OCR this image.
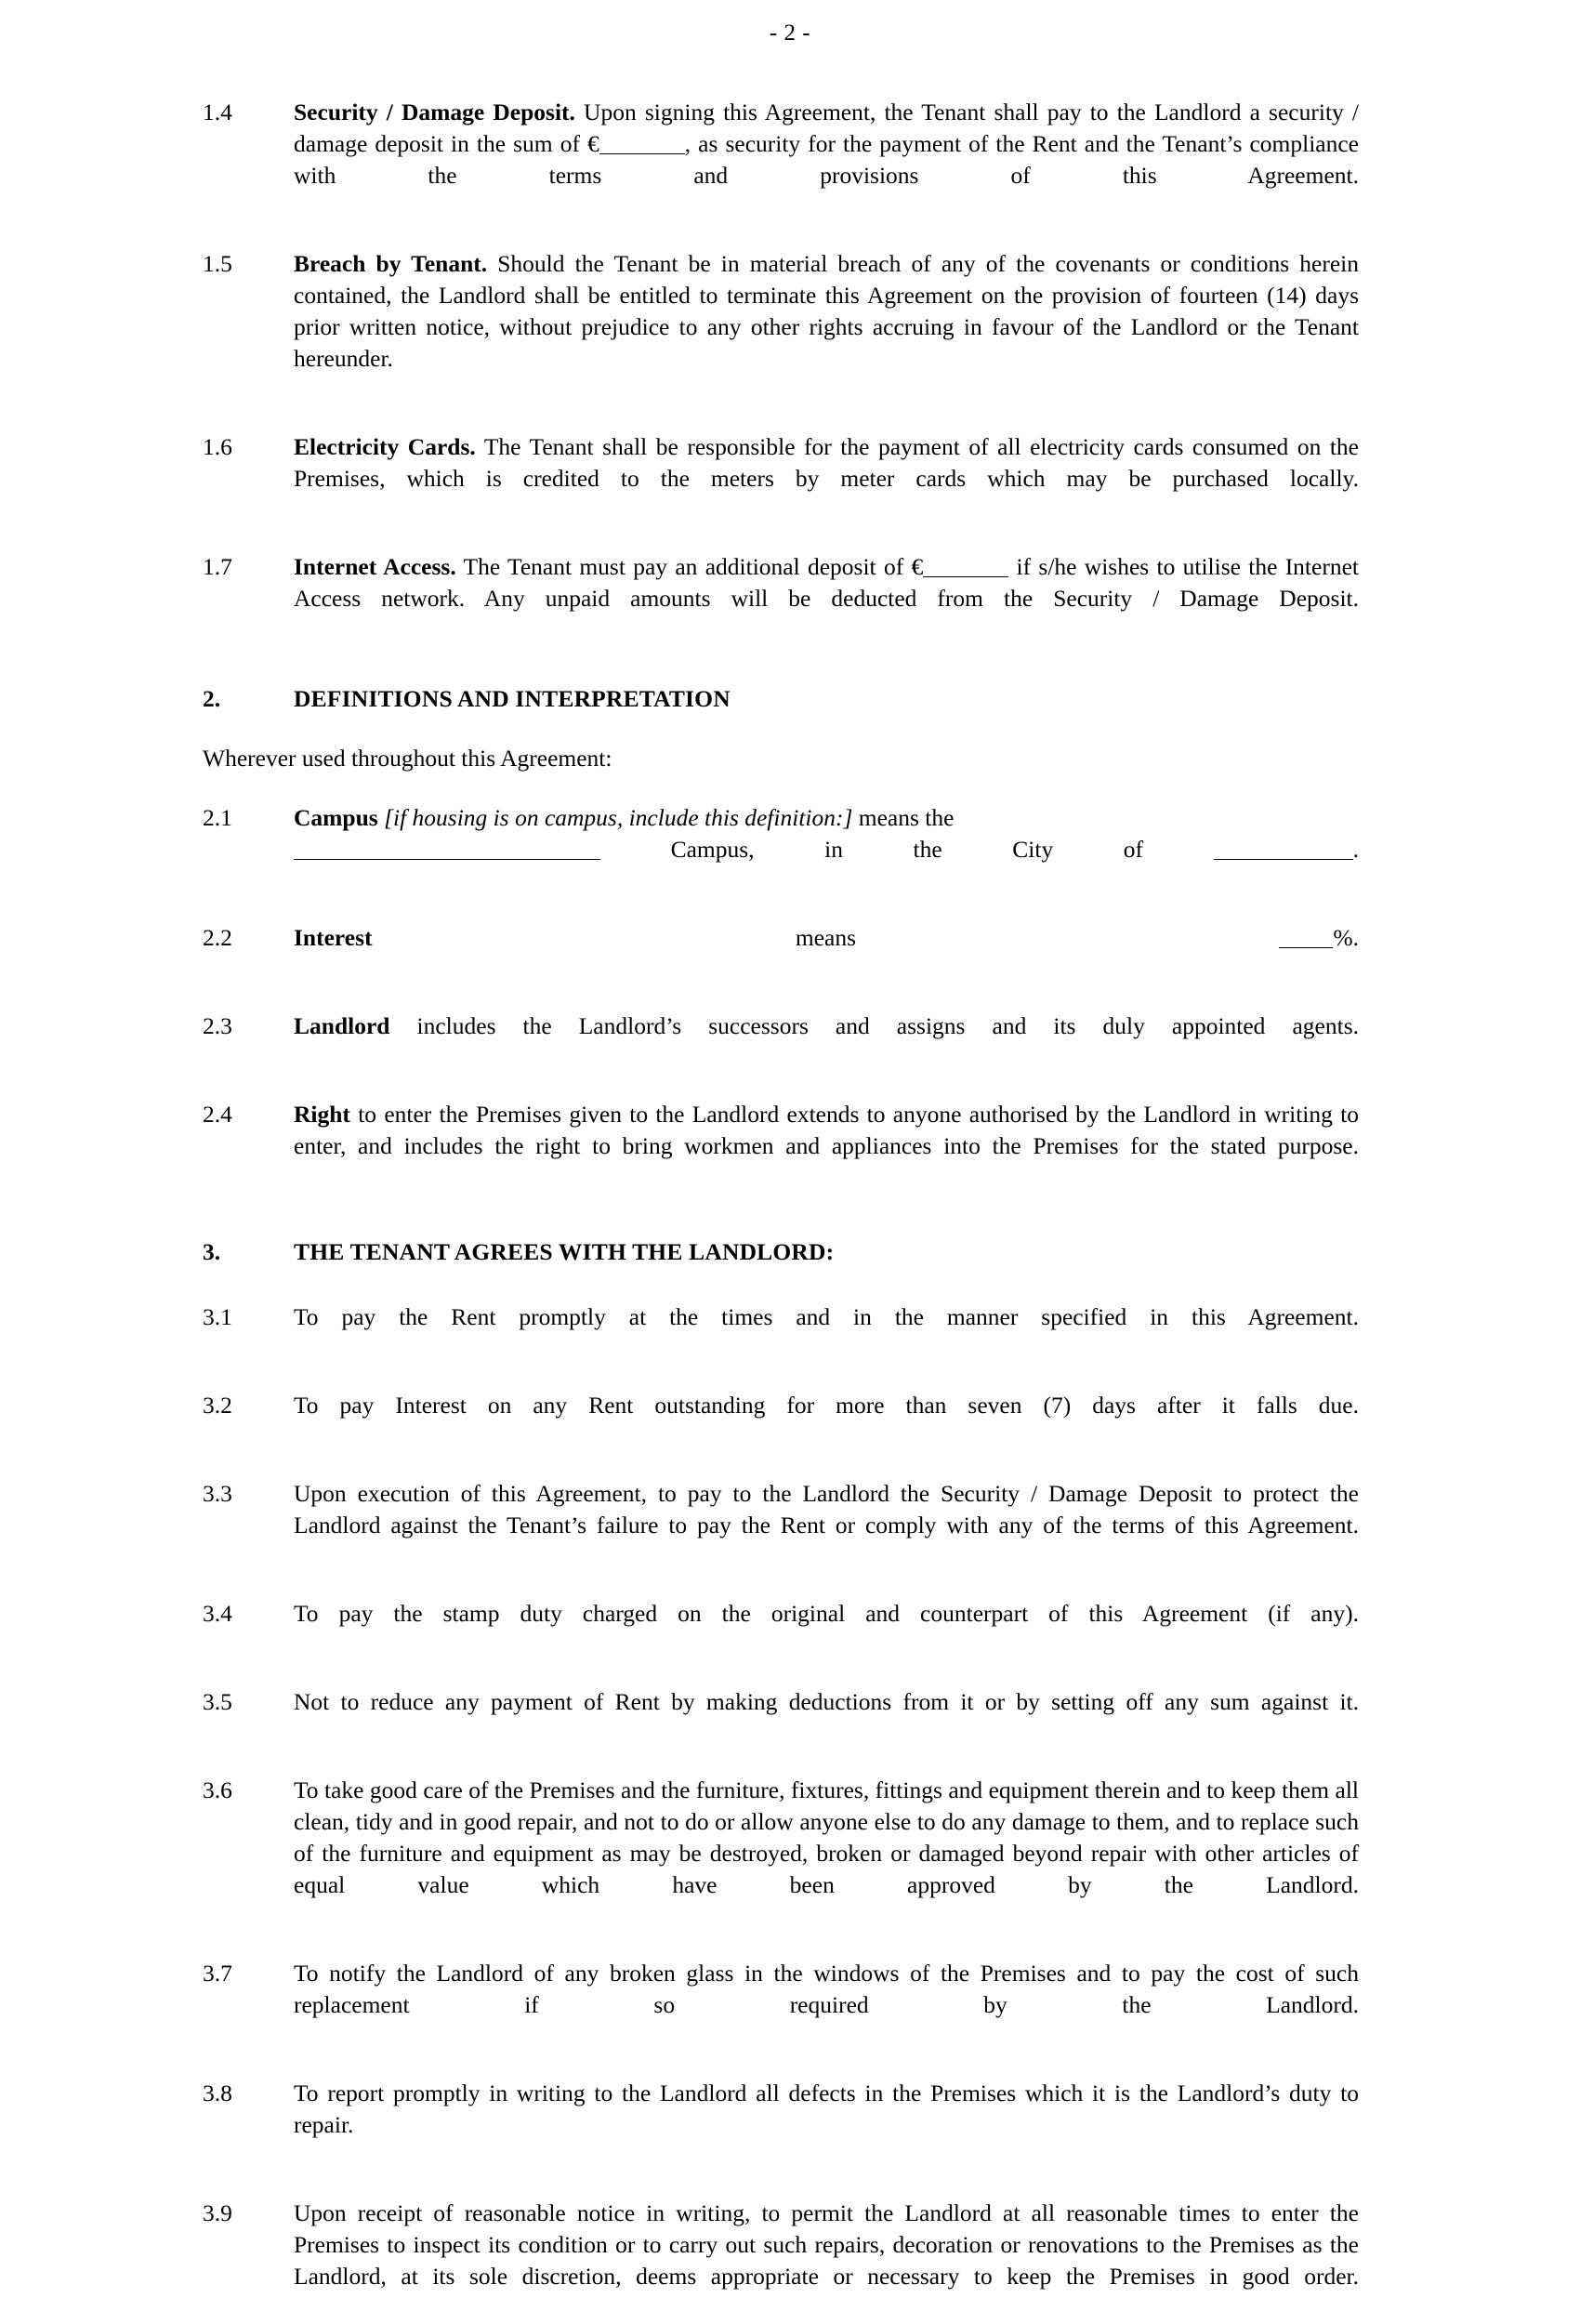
- 2 -
1.4	Security / Damage Deposit. Upon signing this Agreement, the Tenant shall pay to the Landlord a security / damage deposit in the sum of €	, as security for the payment of the Rent and the Tenant’s compliance with the terms and provisions of this Agreement.
1.5	Breach by Tenant. Should the Tenant be in material breach of any of the covenants or conditions herein contained, the Landlord shall be entitled to terminate this Agreement on the provision of fourteen (14) days prior written notice, without prejudice to any other rights accruing in favour of the Landlord or the Tenant hereunder.
1.6	Electricity Cards. The Tenant shall be responsible for the payment of all electricity cards consumed on the Premises, which is credited to the meters by meter cards which may be purchased locally.
1.7	Internet Access. The Tenant must pay an additional deposit of €	if s/he wishes to utilise the Internet Access network. Any unpaid amounts will be deducted from the Security / Damage Deposit.
2.	DEFINITIONS AND INTERPRETATION
Wherever used throughout this Agreement:
2.1	Campus [if housing is on campus, include this definition:] means the
Campus, in the City of	.
2.2	Interest means %.
2.3	Landlord includes the Landlord’s successors and assigns and its duly appointed agents.
2.4	Right to enter the Premises given to the Landlord extends to anyone authorised by the Landlord in writing to enter, and includes the right to bring workmen and appliances into the Premises for the stated purpose.
3.	THE TENANT AGREES WITH THE LANDLORD:
3.1	To pay the Rent promptly at the times and in the manner specified in this Agreement.
3.2	To pay Interest on any Rent outstanding for more than seven (7) days after it falls due.
3.3	Upon execution of this Agreement, to pay to the Landlord the Security / Damage Deposit to protect the Landlord against the Tenant’s failure to pay the Rent or comply with any of the terms of this Agreement.
3.4	To pay the stamp duty charged on the original and counterpart of this Agreement (if any).
3.5	Not to reduce any payment of Rent by making deductions from it or by setting off any sum against it.
3.6	To take good care of the Premises and the furniture, fixtures, fittings and equipment therein and to keep them all clean, tidy and in good repair, and not to do or allow anyone else to do any damage to them, and to replace such of the furniture and equipment as may be destroyed, broken or damaged beyond repair with other articles of equal value which have been approved by the Landlord.
3.7	To notify the Landlord of any broken glass in the windows of the Premises and to pay the cost of such replacement if so required by the Landlord.
3.8	To report promptly in writing to the Landlord all defects in the Premises which it is the Landlord’s duty to repair.
3.9	Upon receipt of reasonable notice in writing, to permit the Landlord at all reasonable times to enter the Premises to inspect its condition or to carry out such repairs, decoration or renovations to the Premises as the Landlord, at its sole discretion, deems appropriate or necessary to keep the Premises in good order.
